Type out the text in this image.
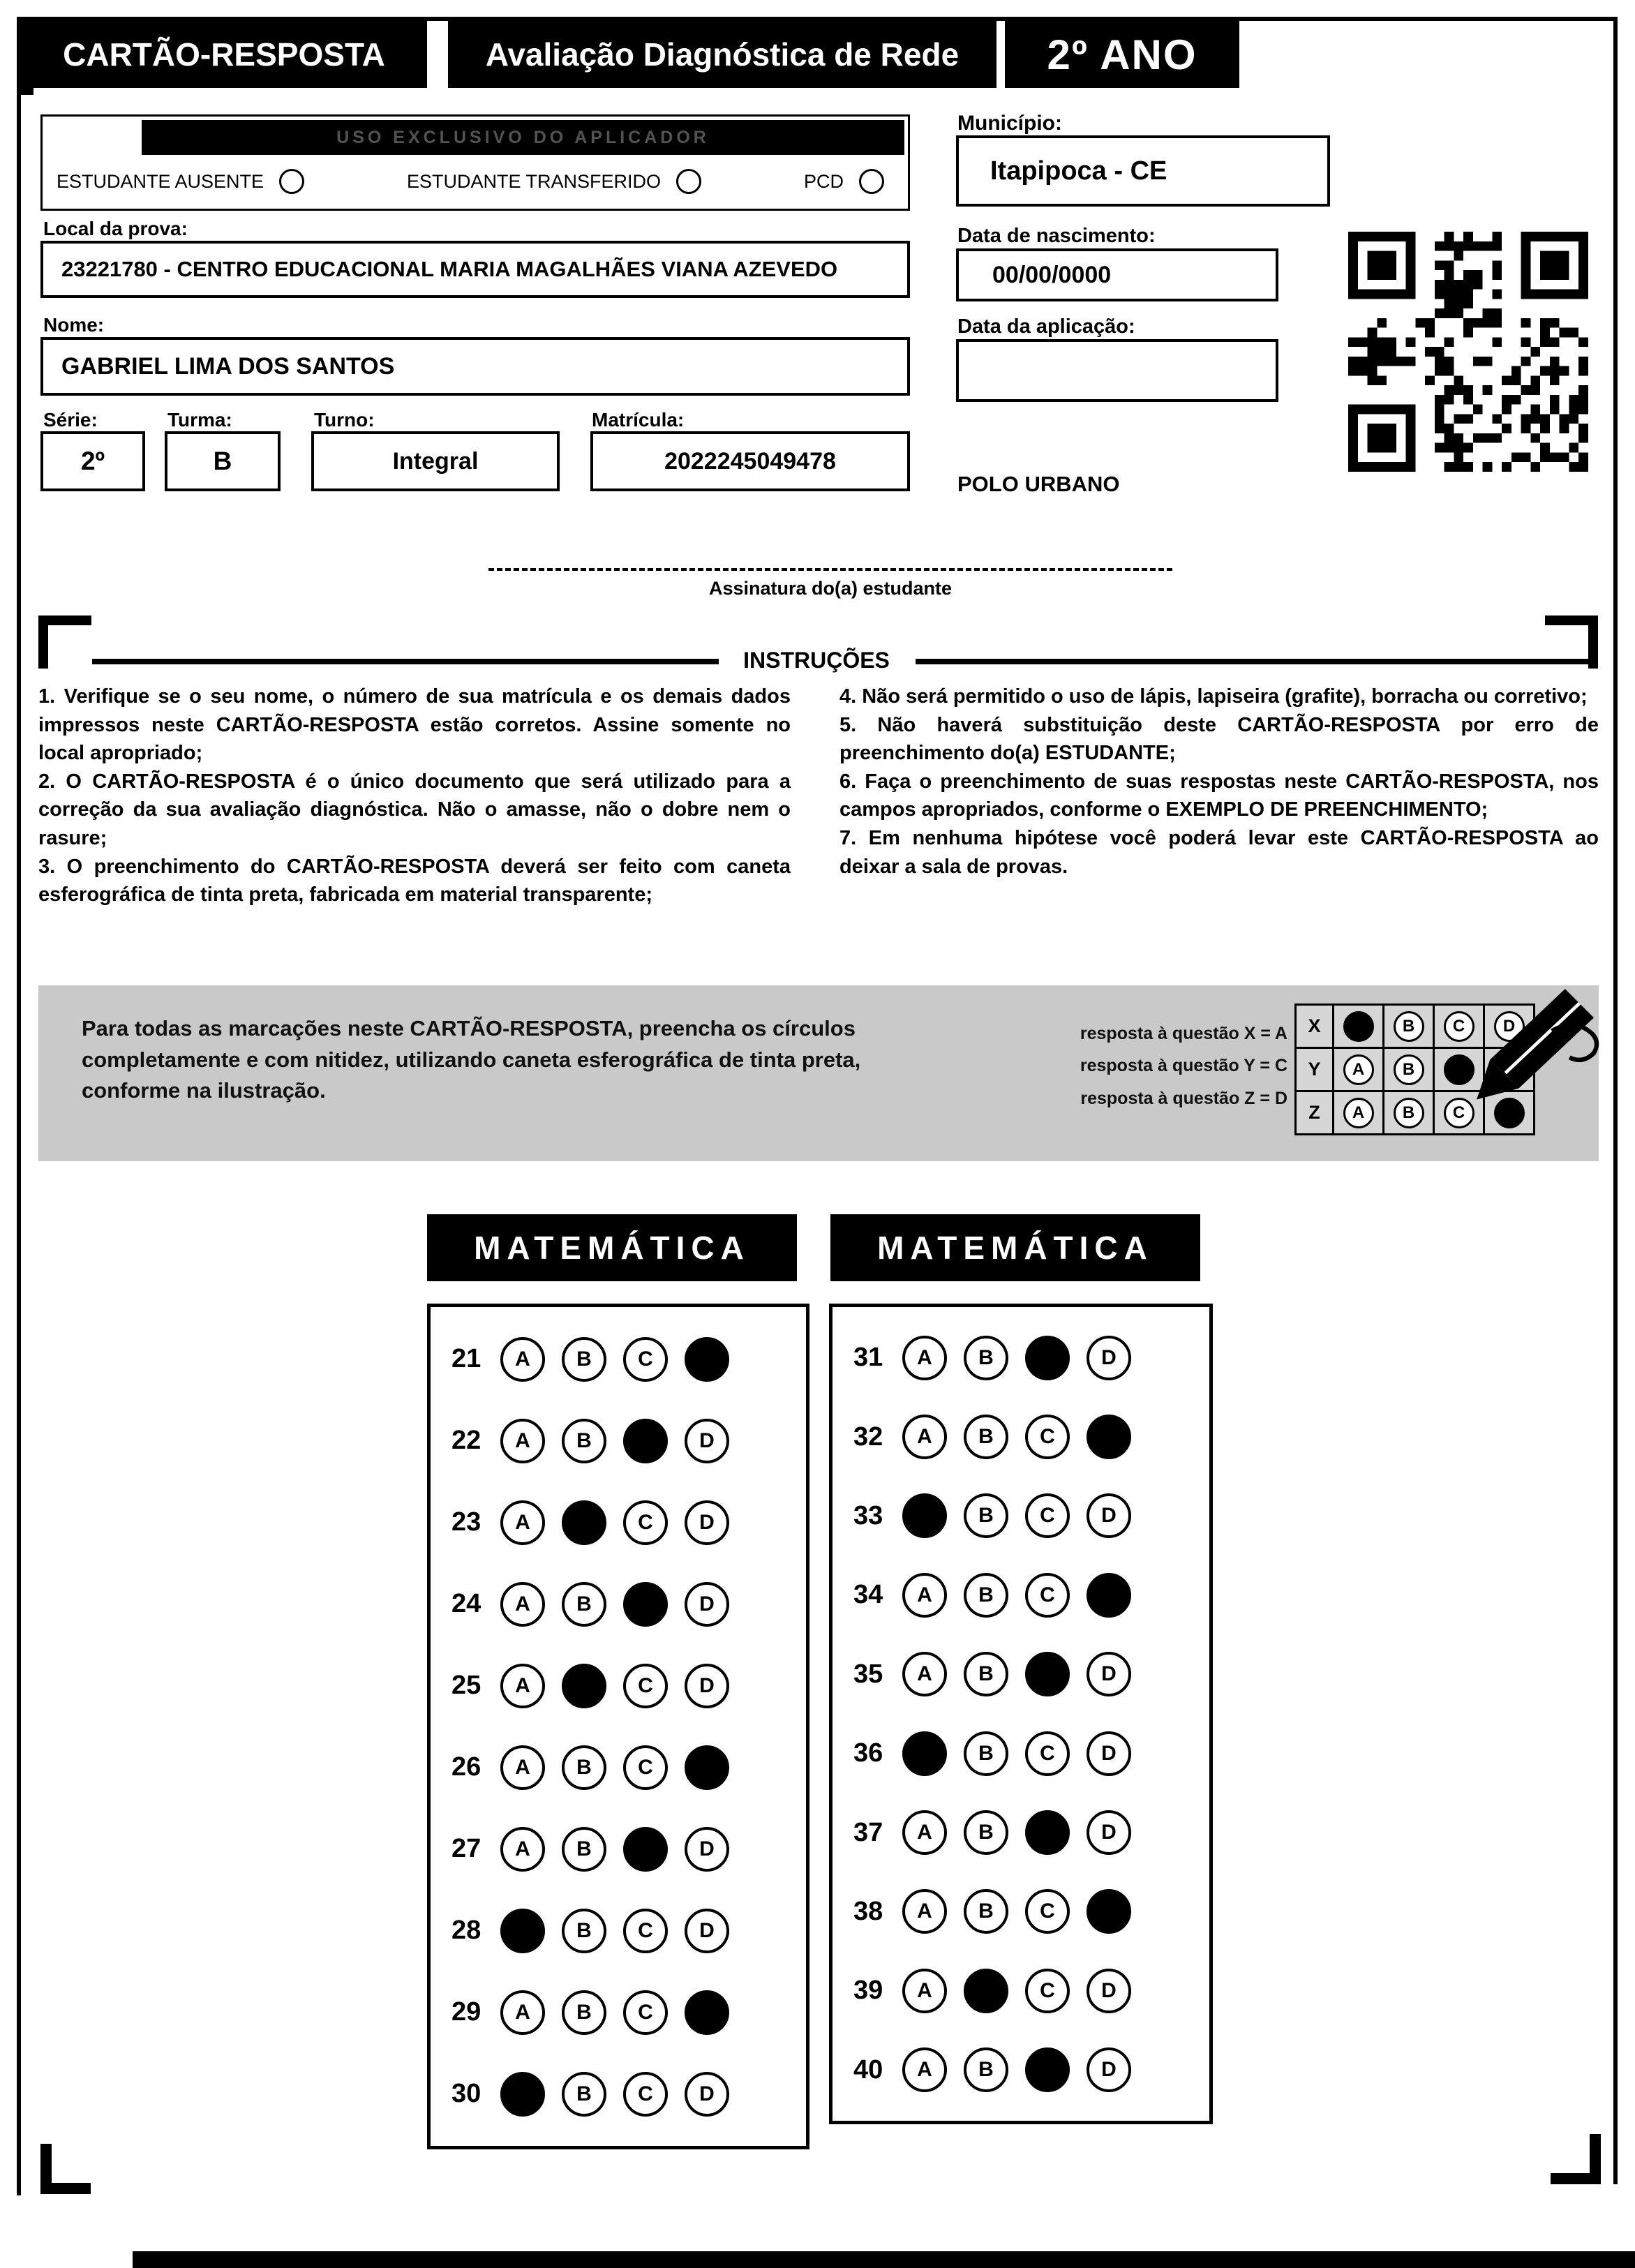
CARTÃO-RESPOSTA	Avaliação Diagnóstica de Rede 2º ANO
USO EXCLUSIVO DO APLICADOR
ESTUDANTE AUSENTE	ESTUDANTE TRANSFERIDO	PCD
Local da prova:
23221780 - CENTRO EDUCACIONAL MARIA MAGALHÃES VIANA AZEVEDO
Nome:
GABRIEL LIMA DOS SANTOS
Série:	Turma:	Turno:	Matrícula:
2º	B	Integral	2022245049478
Município:
Itapipoca - CE
Data de nascimento:
00/00/0000
Data da aplicação:
POLO URBANO
Assinatura do(a) estudante
INSTRUÇÕES

1. Verifique se o seu nome, o número de sua matrícula e os demais dados impressos neste CARTÃO-RESPOSTA estão corretos. Assine somente no local apropriado;

2. O CARTÃO-RESPOSTA é o único documento que será utilizado para a correção da sua avaliação diagnóstica. Não o amasse, não o dobre nem o rasure;

3. O preenchimento do CARTÃO-RESPOSTA deverá ser feito com caneta esferográfica de tinta preta, fabricada em material transparente;

4. Não será permitido o uso de lápis, lapiseira (grafite), borracha ou corretivo;

5. Não haverá substituição deste CARTÃO-RESPOSTA por erro de preenchimento do(a) ESTUDANTE;

6. Faça o preenchimento de suas respostas neste CARTÃO-RESPOSTA, nos campos apropriados, conforme o EXEMPLO DE PREENCHIMENTO;

7. Em nenhuma hipótese você poderá levar este CARTÃO-RESPOSTA ao deixar a sala de provas.

Para todas as marcações neste CARTÃO-RESPOSTA, preencha os círculos completamente e com nitidez, utilizando caneta esferográfica de tinta preta, conforme na ilustração.
resposta à questão X = A
resposta à questão Y = C
resposta à questão Z = D
X	B	C	D
Y	A	B
Z	A	B	C
MATEMÁTICA	MATEMÁTICA
21	A	B	C
22	A	B	D
23	A	C	D
24	A	B	D
25	A	C	D
26	A	B	C
27	A	B	D
28	B	C	D
29	A	B	C
30	B	C	D
31	A	B	D
32	A	B	C
33	B	C	D
34	A	B	C
35	A	B	D
36	B	C	D
37	A	B	D
38	A	B	C
39	A	C	D
40	A	B	D
